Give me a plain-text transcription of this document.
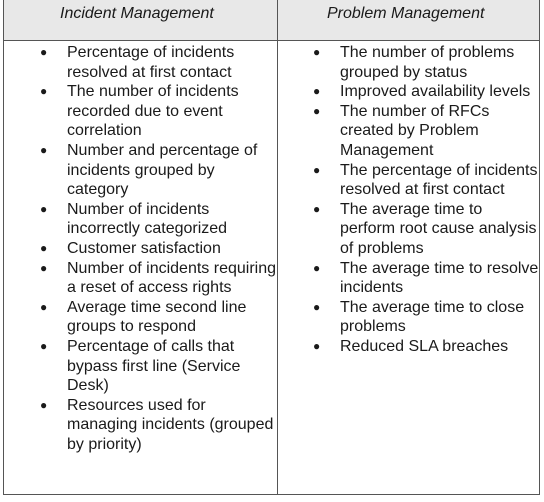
Incident Management	Problem Management
● Percentage of incidents resolved at first contact
● The number of incidents recorded due to event correlation
● Number and percentage of incidents grouped by category
● Number of incidents incorrectly categorized
● Customer satisfaction
● Number of incidents requiring a reset of access rights
● Average time second line groups to respond
● Percentage of calls that bypass first line (Service Desk)
● Resources used for managing incidents (grouped by priority)
● The number of problems grouped by status
● Improved availability levels
● The number of RFCs created by Problem Management
● The percentage of incidents resolved at first contact
● The average time to perform root cause analysis of problems
● The average time to resolve incidents
● The average time to close problems
● Reduced SLA breaches
